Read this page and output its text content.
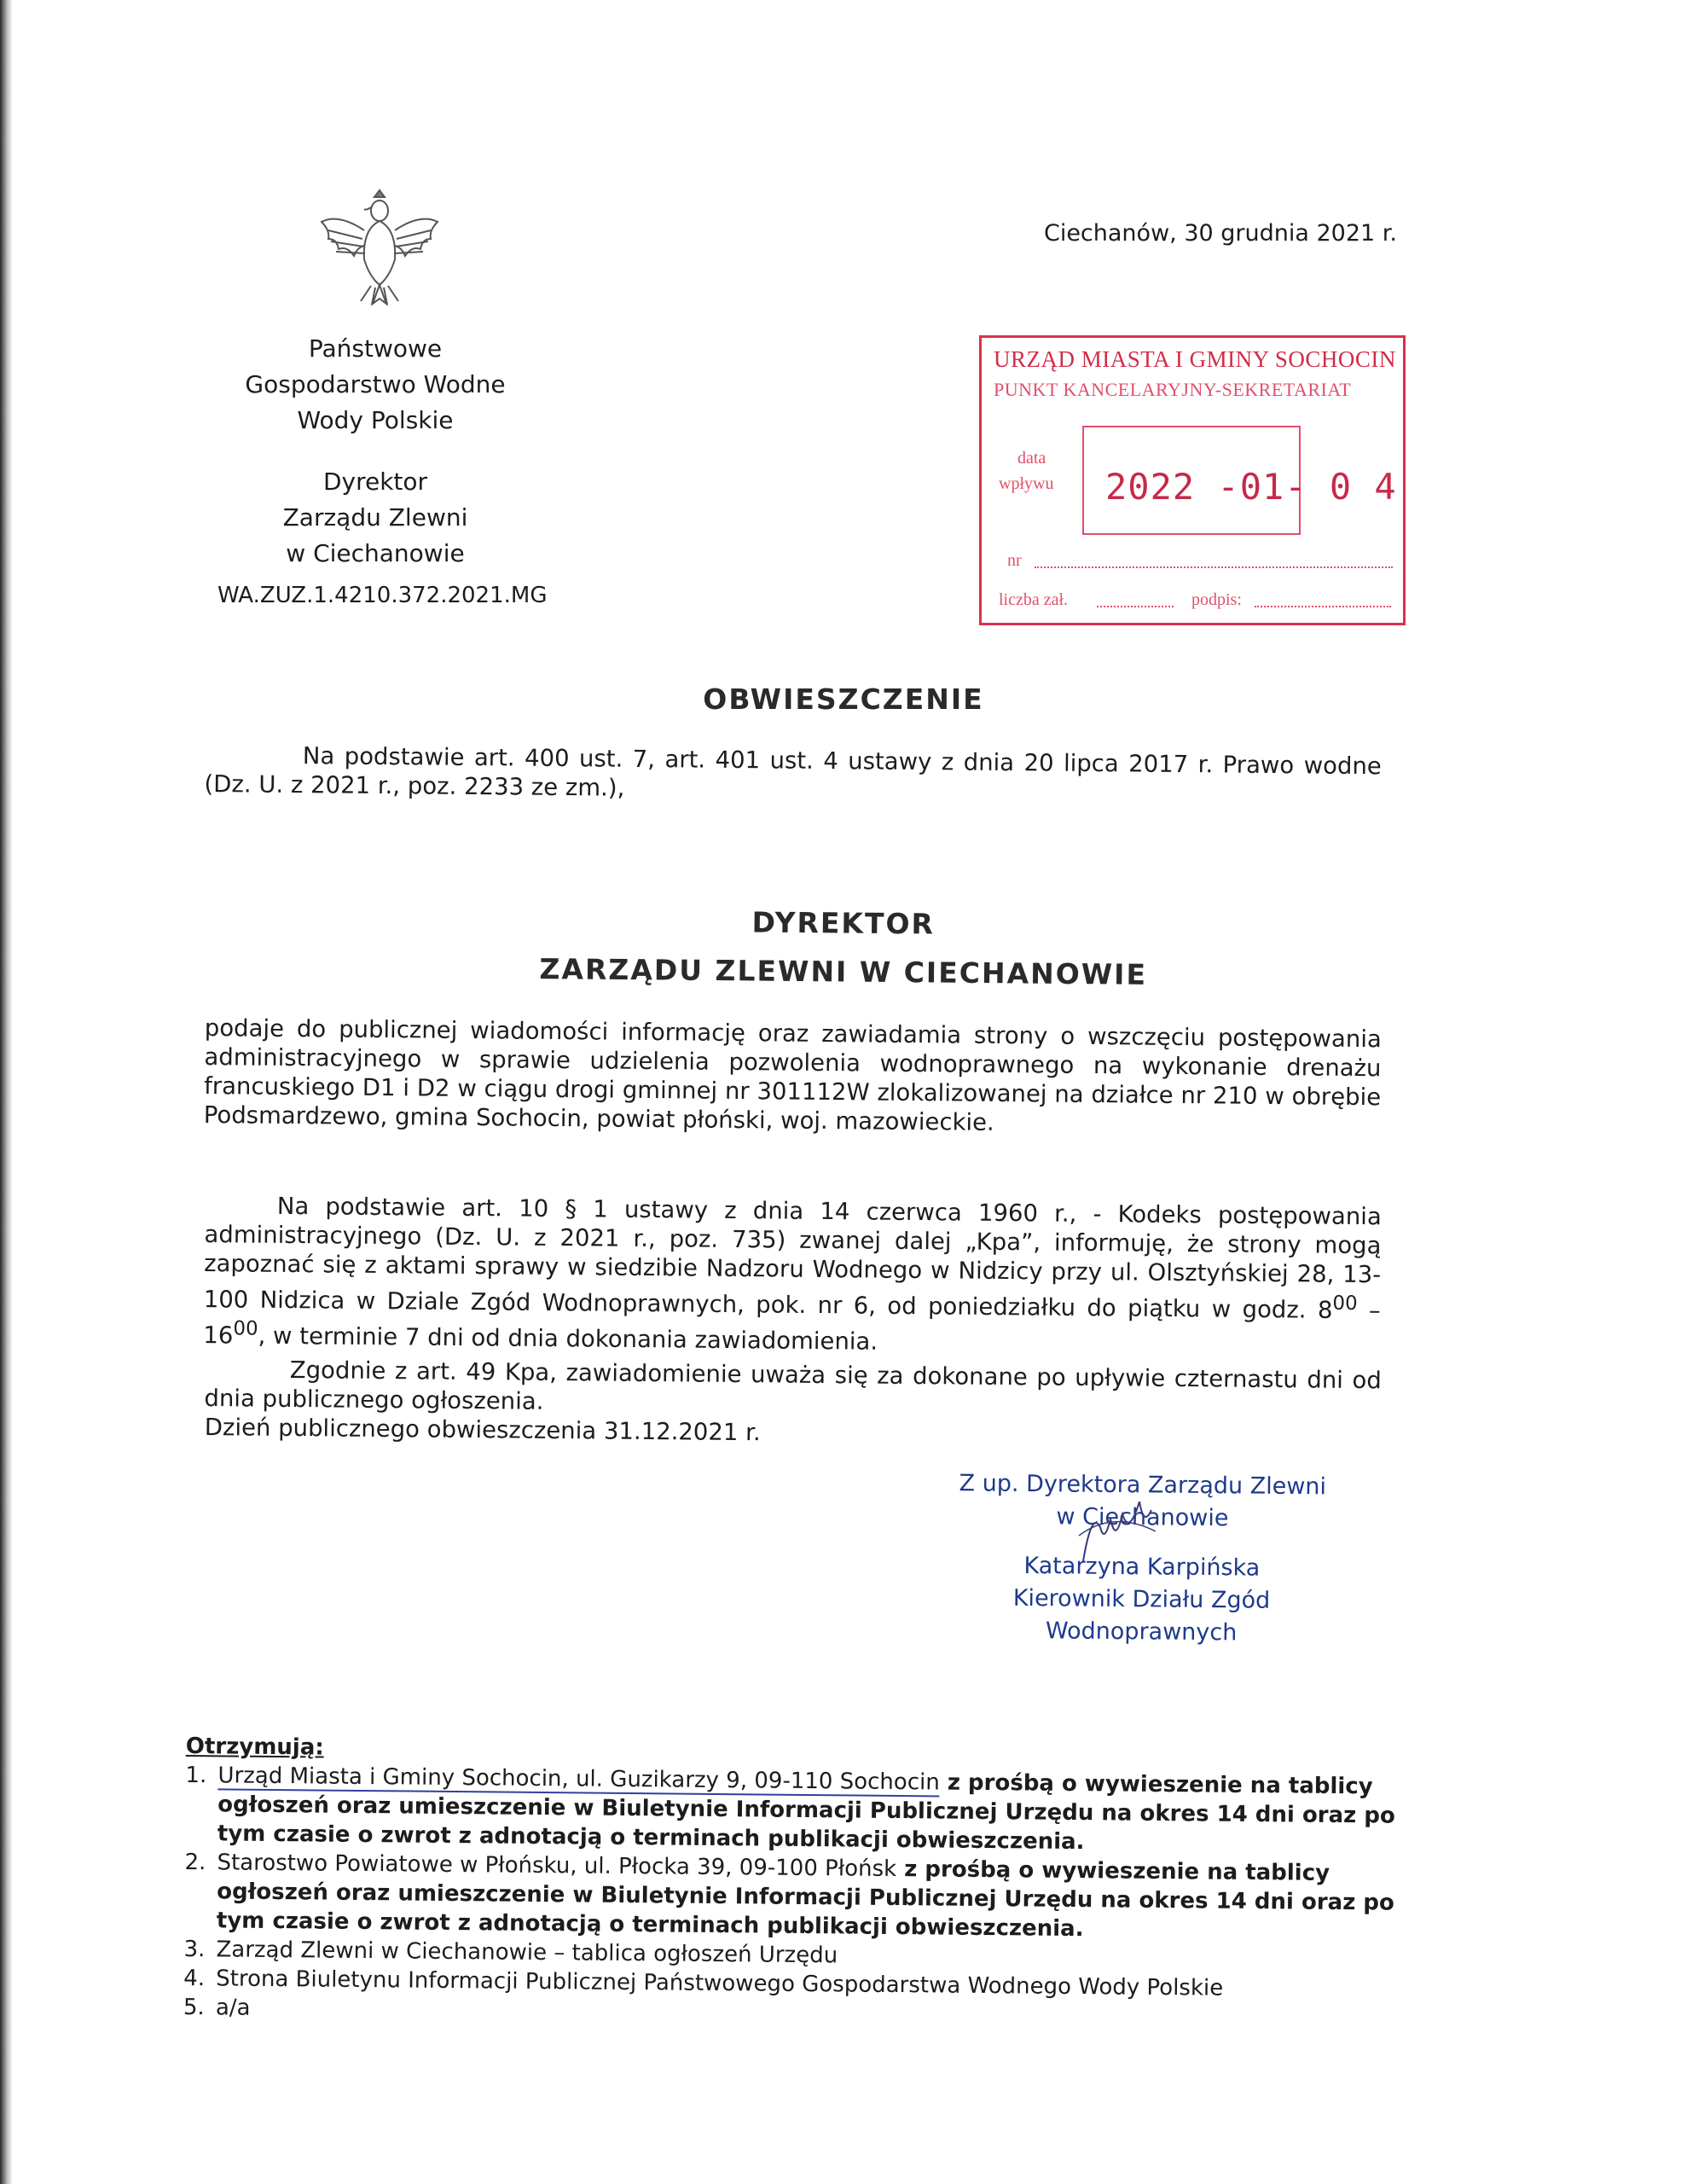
Ciechanów, 30 grudnia 2021 r.
Państwowe
Gospodarstwo Wodne
Wody Polskie
Dyrektor
Zarządu Zlewni
w Ciechanowie
WA.ZUZ.1.4210.372.2021.MG
URZĄD MIASTA I GMINY SOCHOCIN
PUNKT KANCELARYJNY-SEKRETARIAT
data
wpływu 2022 -01- 0 4
nr
liczba zał.	podpis:
OBWIESZCZENIE
Na podstawie art. 400 ust. 7, art. 401 ust. 4 ustawy z dnia 20 lipca 2017 r. Prawo wodne (Dz. U. z 2021 r., poz. 2233 ze zm.),
DYREKTOR
ZARZĄDU ZLEWNI W CIECHANOWIE
podaje do publicznej wiadomości informację oraz zawiadamia strony o wszczęciu postępowania administracyjnego w sprawie udzielenia pozwolenia wodnoprawnego na wykonanie drenażu francuskiego D1 i D2 w ciągu drogi gminnej nr 301112W zlokalizowanej na działce nr 210 w obrębie Podsmardzewo, gmina Sochocin, powiat płoński, woj. mazowieckie.
Na podstawie art. 10 § 1 ustawy z dnia 14 czerwca 1960 r., - Kodeks postępowania administracyjnego (Dz. U. z 2021 r., poz. 735) zwanej dalej „Kpa”, informuję, że strony mogą zapoznać się z aktami sprawy w siedzibie Nadzoru Wodnego w Nidzicy przy ul. Olsztyńskiej 28, 13-100 Nidzica w Dziale Zgód Wodnoprawnych, pok. nr 6, od poniedziałku do piątku w godz. $8^{00} - 16^{00}$, w terminie 7 dni od dnia dokonania zawiadomienia.
Zgodnie z art. 49 Kpa, zawiadomienie uważa się za dokonane po upływie czternastu dni od dnia publicznego ogłoszenia.
Dzień publicznego obwieszczenia 31.12.2021 r.
Z up. Dyrektora Zarządu Zlewni
w Ciechanowie
Katarzyna Karpińska
Kierownik Działu Zgód Wodnoprawnych
Otrzymują:
1. Urząd Miasta i Gminy Sochocin, ul. Guzikarzy 9, 09-110 Sochocin z prośbą o wywieszenie na tablicy ogłoszeń oraz umieszczenie w Biuletynie Informacji Publicznej Urzędu na okres 14 dni oraz po tym czasie o zwrot z adnotacją o terminach publikacji obwieszczenia.
2. Starostwo Powiatowe w Płońsku, ul. Płocka 39, 09-100 Płońsk z prośbą o wywieszenie na tablicy ogłoszeń oraz umieszczenie w Biuletynie Informacji Publicznej Urzędu na okres 14 dni oraz po tym czasie o zwrot z adnotacją o terminach publikacji obwieszczenia.
3. Zarząd Zlewni w Ciechanowie – tablica ogłoszeń Urzędu
4. Strona Biuletynu Informacji Publicznej Państwowego Gospodarstwa Wodnego Wody Polskie
5. a/a
